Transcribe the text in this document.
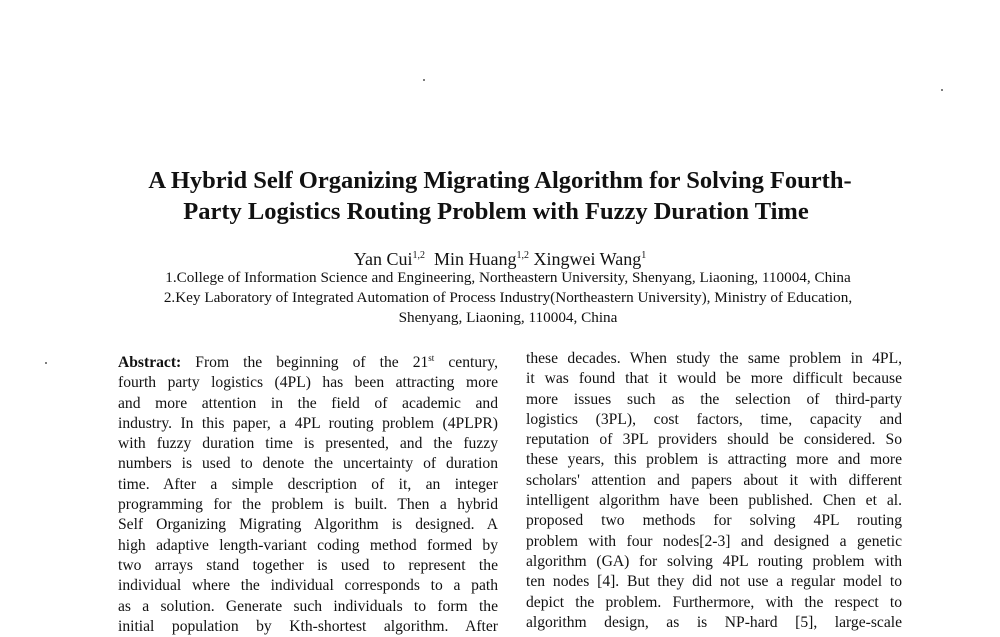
A Hybrid Self Organizing Migrating Algorithm for Solving Fourth-
Party Logistics Routing Problem with Fuzzy Duration Time
Yan Cui$^{1,2}$ Min Huang$^{1,2}$ Xingwei Wang$^1$
1.College of Information Science and Engineering, Northeastern University, Shenyang, Liaoning, 110004, China
2.Key Laboratory of Integrated Automation of Process Industry(Northeastern University), Ministry of Education,
Shenyang, Liaoning, 110004, China
Abstract: From the beginning of the 21st century,
fourth party logistics (4PL) has been attracting more
and more attention in the field of academic and
industry. In this paper, a 4PL routing problem (4PLPR)
with fuzzy duration time is presented, and the fuzzy
numbers is used to denote the uncertainty of duration
time. After a simple description of it, an integer
programming for the problem is built. Then a hybrid
Self Organizing Migrating Algorithm is designed. A
high adaptive length-variant coding method formed by
two arrays stand together is used to represent the
individual where the individual corresponds to a path
as a solution. Generate such individuals to form the
initial population by Kth-shortest algorithm. After
these decades. When study the same problem in 4PL,
it was found that it would be more difficult because
more issues such as the selection of third-party
logistics (3PL), cost factors, time, capacity and
reputation of 3PL providers should be considered. So
these years, this problem is attracting more and more
scholars' attention and papers about it with different
intelligent algorithm have been published. Chen et al.
proposed two methods for solving 4PL routing
problem with four nodes[2-3] and designed a genetic
algorithm (GA) for solving 4PL routing problem with
ten nodes [4]. But they did not use a regular model to
depict the problem. Furthermore, with the respect to
algorithm design, as is NP-hard [5], large-scale
